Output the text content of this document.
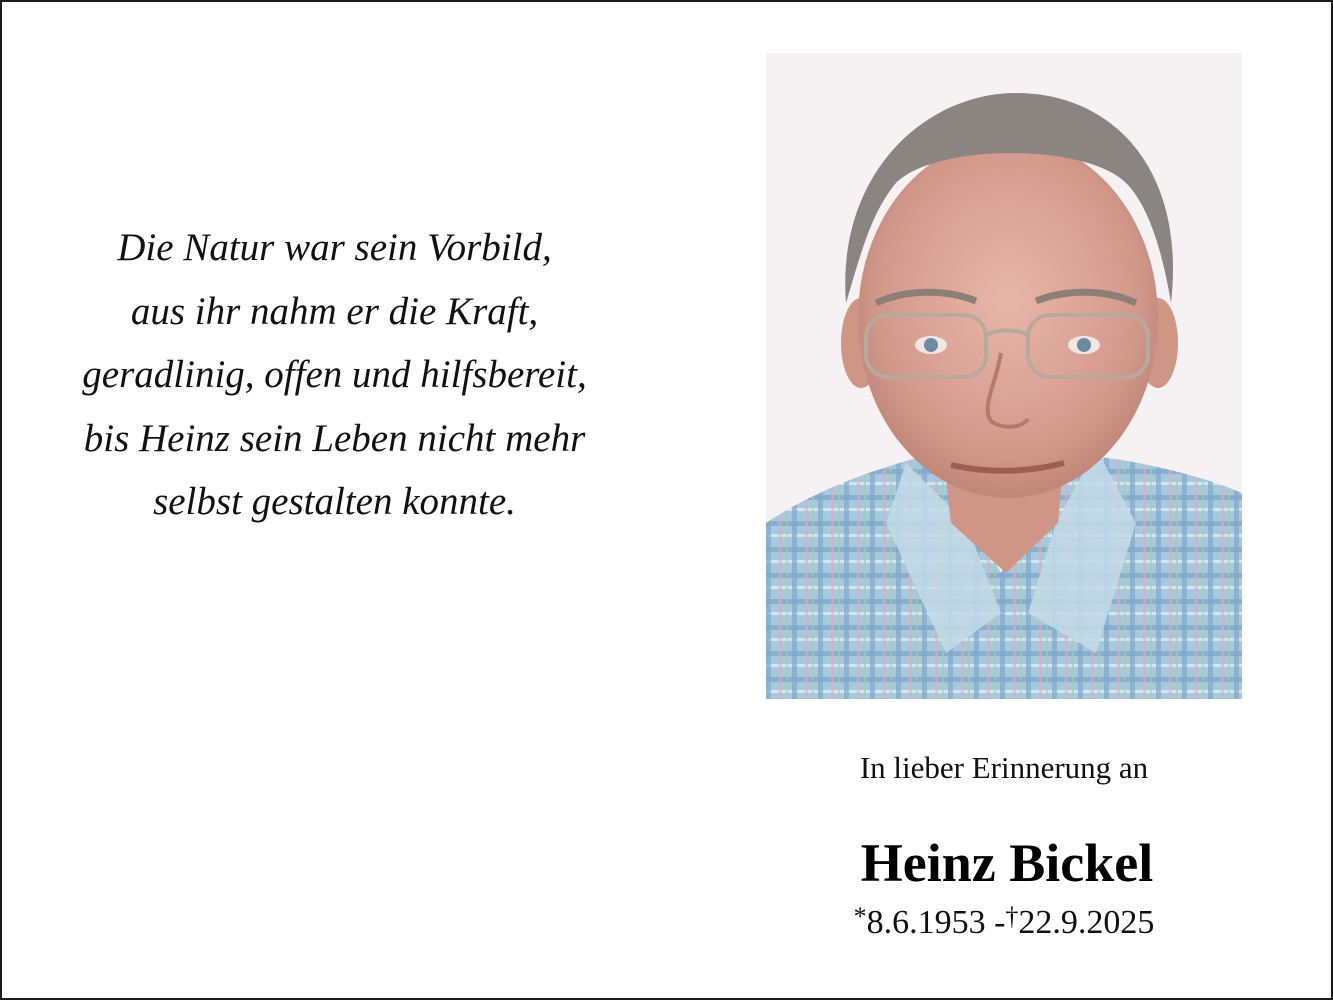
Die Natur war sein Vorbild,
aus ihr nahm er die Kraft,
geradlinig, offen und hilfsbereit,
bis Heinz sein Leben nicht mehr
selbst gestalten konnte.
In lieber Erinnerung an
Heinz Bickel
*8.6.1953 -†22.9.2025
